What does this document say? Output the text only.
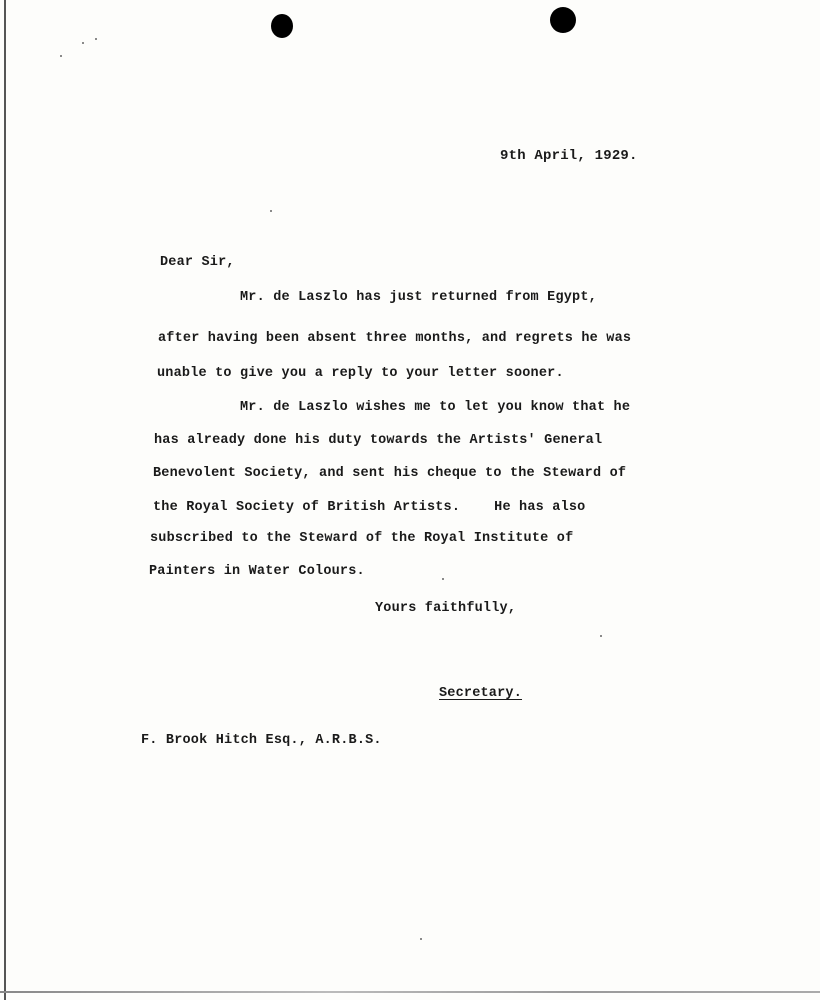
9th April, 1929.
Dear Sir,
Mr. de Laszlo has just returned from Egypt,
after having been absent three months, and regrets he was
unable to give you a reply to your letter sooner.
Mr. de Laszlo wishes me to let you know that he
has already done his duty towards the Artists' General
Benevolent Society, and sent his cheque to the Steward of
the Royal Society of British Artists.	He has also
subscribed to the Steward of the Royal Institute of
Painters in Water Colours.
Yours faithfully,
Secretary.
F. Brook Hitch Esq., A.R.B.S.
